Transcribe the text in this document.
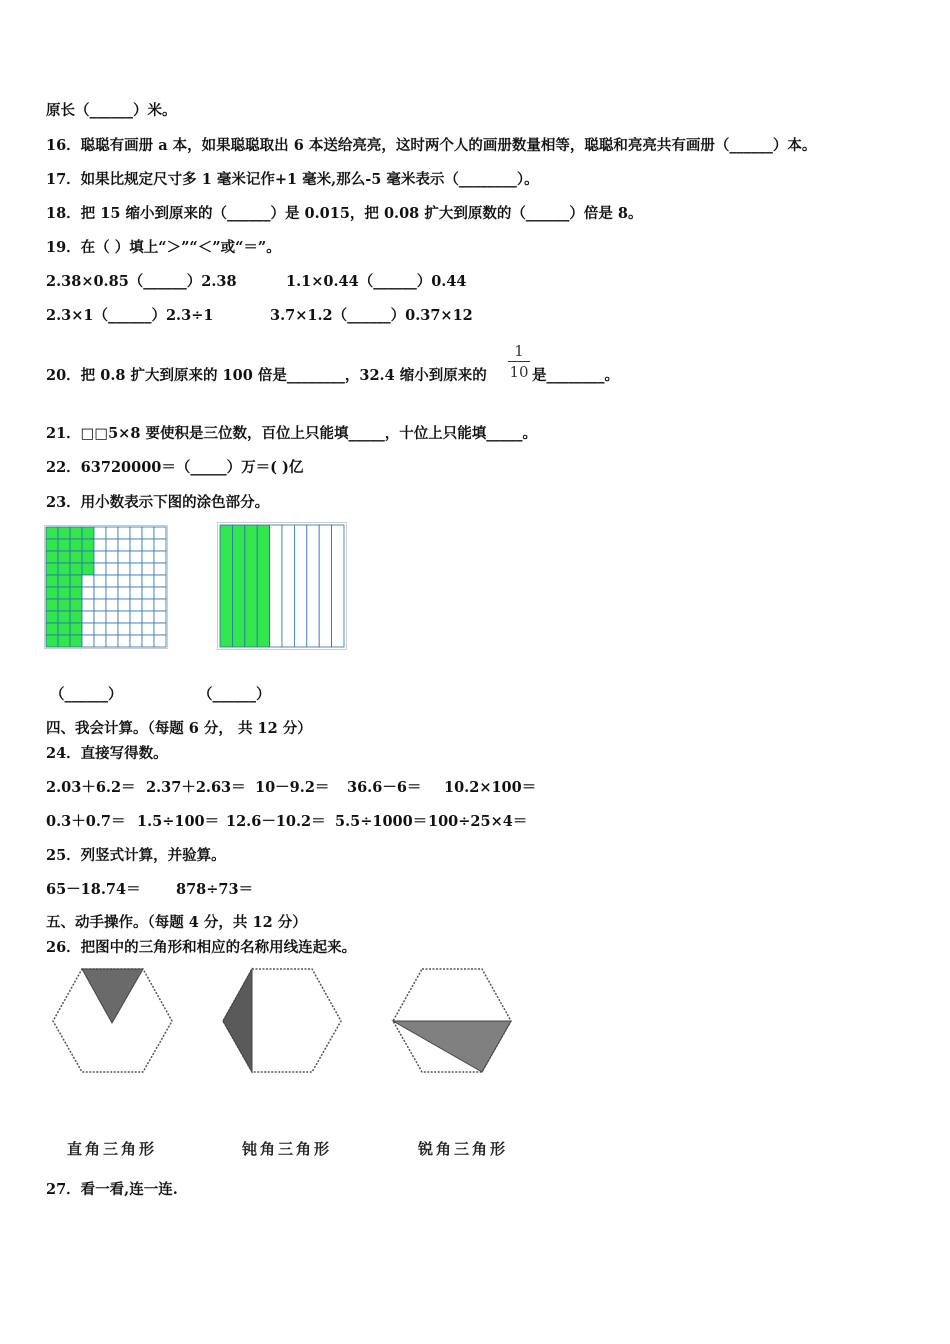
原长（______）米。
16．聪聪有画册 a 本，如果聪聪取出 6 本送给亮亮，这时两个人的画册数量相等，聪聪和亮亮共有画册（______）本。
17．如果比规定尺寸多 1 毫米记作+1 毫米,那么-5 毫米表示（________）。
18．把 15 缩小到原来的（______）是 0.015，把 0.08 扩大到原数的（______）倍是 8。
19．在（ ）填上“＞”“＜”或“＝”。
2.38×0.85（______）2.38	1.1×0.44（______）0.44
2.3×1（______）2.3÷1	3.7×1.2（______）0.37×12
20．把 0.8 扩大到原来的 100 倍是________，32.4 缩小到原来的
1
10 是________。
21．□□5×8 要使积是三位数，百位上只能填_____，十位上只能填_____。
22．63720000＝（_____）万＝( )亿
23．用小数表示下图的涂色部分。
（______）	（______）
四、我会计算。（每题 6 分， 共 12 分）
24．直接写得数。
2.03＋6.2＝ 2.37＋2.63＝ 10－9.2＝ 36.6－6＝ 10.2×100＝
0.3＋0.7＝ 1.5÷100＝ 12.6－10.2＝ 5.5÷1000＝ 100÷25×4＝
25．列竖式计算，并验算。
65－18.74＝ 878÷73＝
五、动手操作。（每题 4 分，共 12 分）
26．把图中的三角形和相应的名称用线连起来。
直角三角形	钝角三角形	锐角三角形
27．看一看,连一连.
